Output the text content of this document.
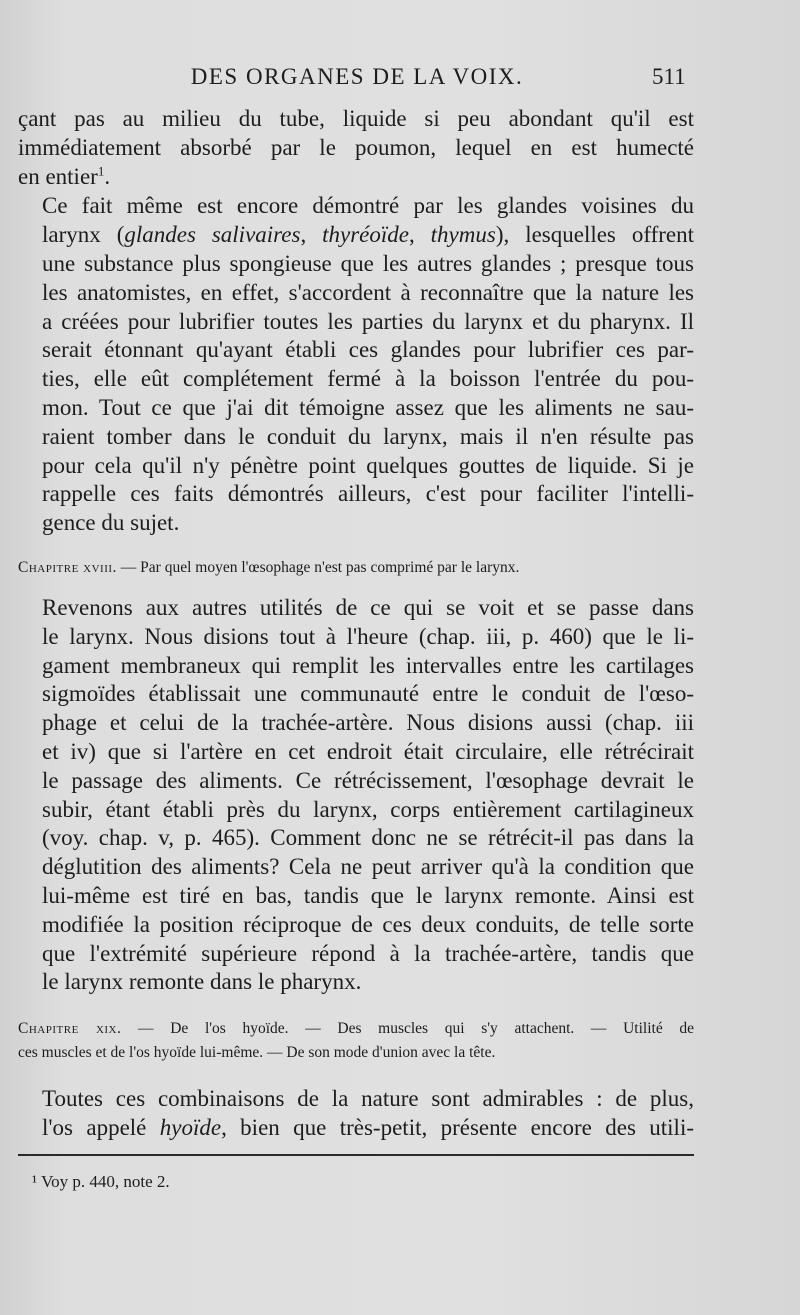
DES ORGANES DE LA VOIX.	511

çant pas au milieu du tube, liquide si peu abondant qu'il est
immédiatement absorbé par le poumon, lequel en est humecté
en entier$^1$.

Ce fait même est encore démontré par les glandes voisines du
larynx (glandes salivaires, thyréoïde, thymus), lesquelles offrent
une substance plus spongieuse que les autres glandes ; presque tous
les anatomistes, en effet, s'accordent à reconnaître que la nature les
a créées pour lubrifier toutes les parties du larynx et du pharynx. Il
serait étonnant qu'ayant établi ces glandes pour lubrifier ces par-
ties, elle eût complétement fermé à la boisson l'entrée du pou-
mon. Tout ce que j'ai dit témoigne assez que les aliments ne sau-
raient tomber dans le conduit du larynx, mais il n'en résulte pas
pour cela qu'il n'y pénètre point quelques gouttes de liquide. Si je
rappelle ces faits démontrés ailleurs, c'est pour faciliter l'intelli-
gence du sujet.

Chapitre xviii. — Par quel moyen l'œsophage n'est pas comprimé par le larynx.

Revenons aux autres utilités de ce qui se voit et se passe dans
le larynx. Nous disions tout à l'heure (chap. iii, p. 460) que le li-
gament membraneux qui remplit les intervalles entre les cartilages
sigmoïdes établissait une communauté entre le conduit de l'œso-
phage et celui de la trachée-artère. Nous disions aussi (chap. iii
et iv) que si l'artère en cet endroit était circulaire, elle rétrécirait
le passage des aliments. Ce rétrécissement, l'œsophage devrait le
subir, étant établi près du larynx, corps entièrement cartilagineux
(voy. chap. v, p. 465). Comment donc ne se rétrécit-il pas dans la
déglutition des aliments? Cela ne peut arriver qu'à la condition que
lui-même est tiré en bas, tandis que le larynx remonte. Ainsi est
modifiée la position réciproque de ces deux conduits, de telle sorte
que l'extrémité supérieure répond à la trachée-artère, tandis que
le larynx remonte dans le pharynx.

Chapitre xix. — De l'os hyoïde. — Des muscles qui s'y attachent. — Utilité de
ces muscles et de l'os hyoïde lui-même. — De son mode d'union avec la tête.

Toutes ces combinaisons de la nature sont admirables : de plus,
l'os appelé hyoïde, bien que très-petit, présente encore des utili-

¹ Voy p. 440, note 2.
